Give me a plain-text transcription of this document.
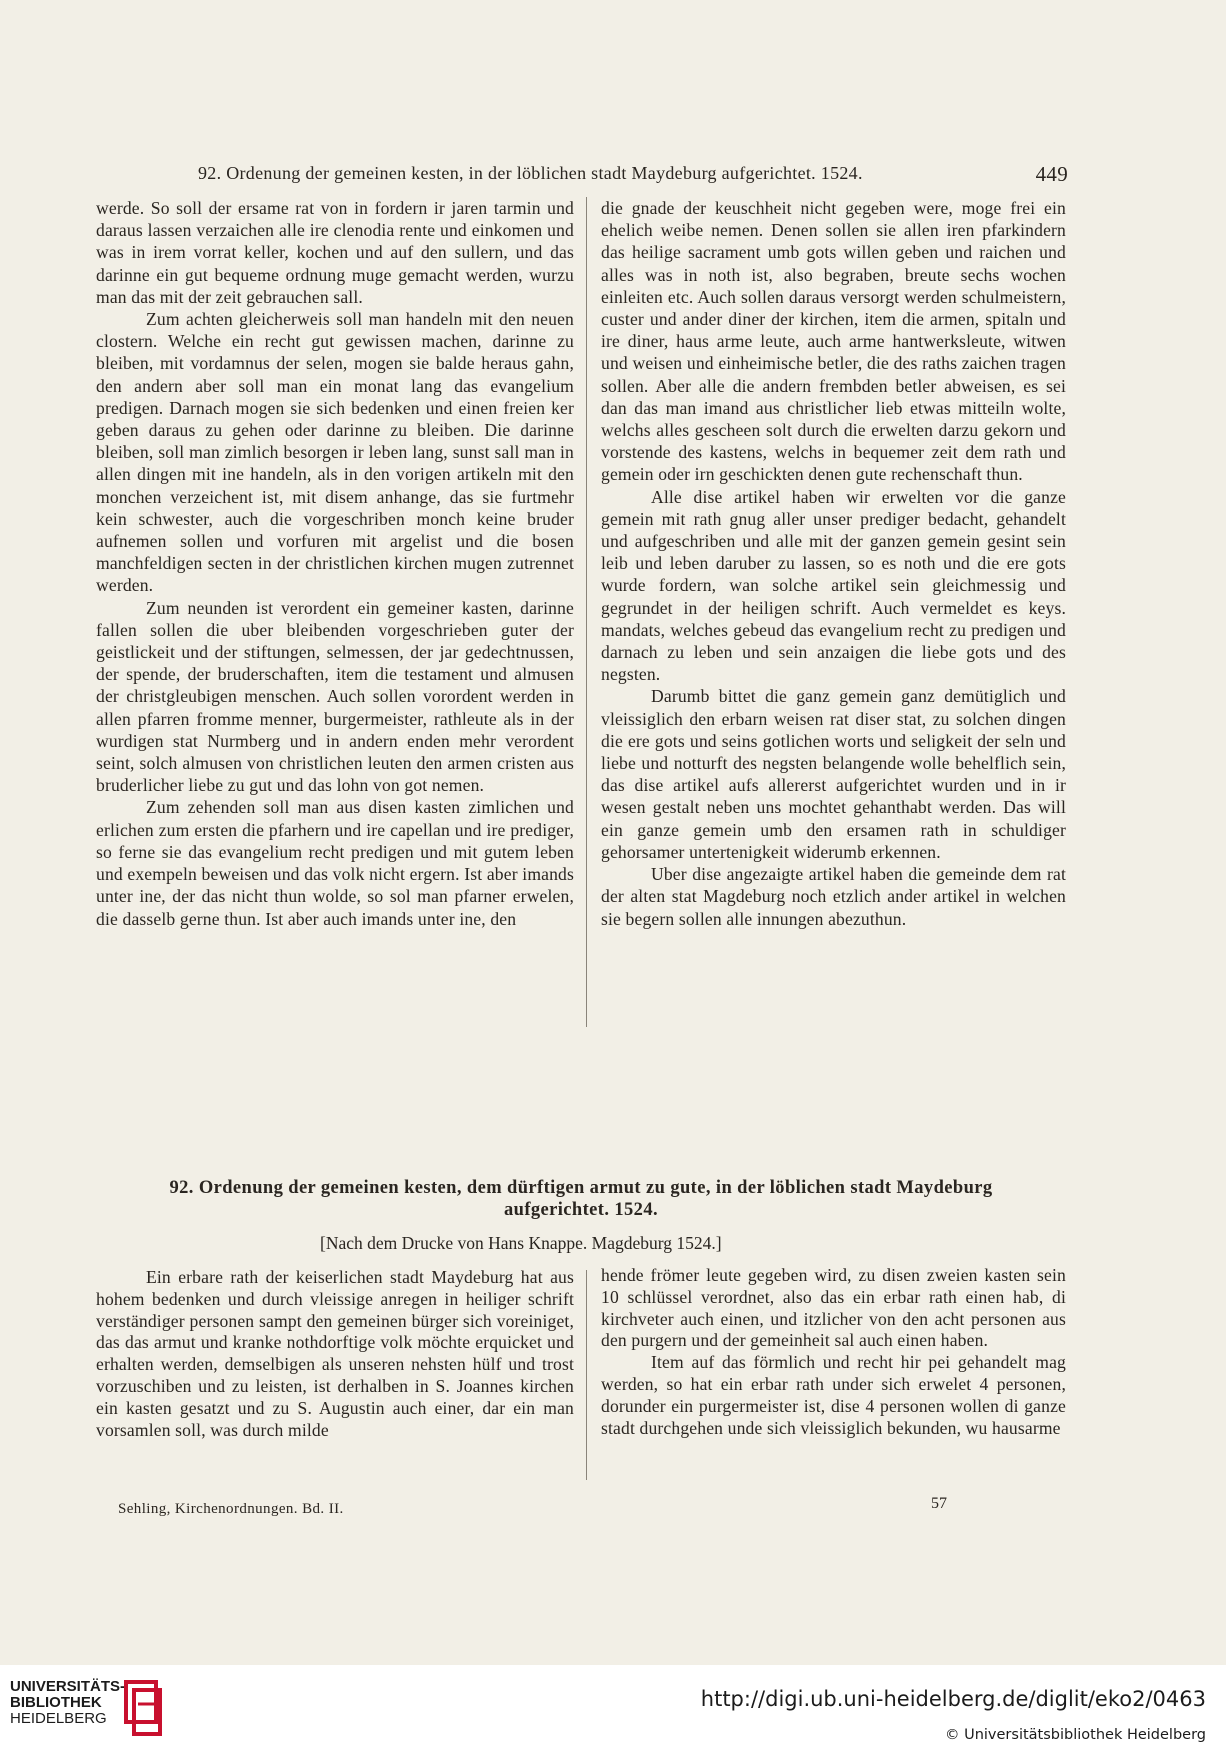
92. Ordenung der gemeinen kesten, in der löblichen stadt Maydeburg aufgerichtet. 1524.	449

werde. So soll der ersame rat von in fordern ir jaren tarmin und daraus lassen verzaichen alle ire clenodia rente und einkomen und was in irem vorrat keller, kochen und auf den sullern, und das darinne ein gut bequeme ordnung muge gemacht werden, wurzu man das mit der zeit gebrauchen sall.

Zum achten gleicherweis soll man handeln mit den neuen clostern. Welche ein recht gut gewissen machen, darinne zu bleiben, mit vordamnus der selen, mogen sie balde heraus gahn, den andern aber soll man ein monat lang das evangelium predigen. Darnach mogen sie sich bedenken und einen freien ker geben daraus zu gehen oder darinne zu bleiben. Die darinne bleiben, soll man zimlich besorgen ir leben lang, sunst sall man in allen dingen mit ine handeln, als in den vorigen artikeln mit den monchen verzeichent ist, mit disem anhange, das sie furtmehr kein schwester, auch die vorgeschriben monch keine bruder aufnemen sollen und vorfuren mit argelist und die bosen manchfeldigen secten in der christlichen kirchen mugen zutrennet werden.

Zum neunden ist verordent ein gemeiner kasten, darinne fallen sollen die uber bleibenden vorgeschrieben guter der geistlickeit und der stiftungen, selmessen, der jar gedechtnussen, der spende, der bruderschaften, item die testament und almusen der christgleubigen menschen. Auch sollen vorordent werden in allen pfarren fromme menner, burgermeister, rathleute als in der wurdigen stat Nurmberg und in andern enden mehr verordent seint, solch almusen von christlichen leuten den armen cristen aus bruderlicher liebe zu gut und das lohn von got nemen.

Zum zehenden soll man aus disen kasten zimlichen und erlichen zum ersten die pfarhern und ire capellan und ire prediger, so ferne sie das evangelium recht predigen und mit gutem leben und exempeln beweisen und das volk nicht ergern. Ist aber imands unter ine, der das nicht thun wolde, so sol man pfarner erwelen, die dasselb gerne thun. Ist aber auch imands unter ine, den

die gnade der keuschheit nicht gegeben were, moge frei ein ehelich weibe nemen. Denen sollen sie allen iren pfarkindern das heilige sacrament umb gots willen geben und raichen und alles was in noth ist, also begraben, breute sechs wochen einleiten etc. Auch sollen daraus versorgt werden schulmeistern, custer und ander diner der kirchen, item die armen, spitaln und ire diner, haus arme leute, auch arme hantwerksleute, witwen und weisen und einheimische betler, die des raths zaichen tragen sollen. Aber alle die andern frembden betler abweisen, es sei dan das man imand aus christlicher lieb etwas mitteiln wolte, welchs alles gescheen solt durch die erwelten darzu gekorn und vorstende des kastens, welchs in bequemer zeit dem rath und gemein oder irn geschickten denen gute rechenschaft thun.

Alle dise artikel haben wir erwelten vor die ganze gemein mit rath gnug aller unser prediger bedacht, gehandelt und aufgeschriben und alle mit der ganzen gemein gesint sein leib und leben daruber zu lassen, so es noth und die ere gots wurde fordern, wan solche artikel sein gleichmessig und gegrundet in der heiligen schrift. Auch vermeldet es keys. mandats, welches gebeud das evangelium recht zu predigen und darnach zu leben und sein anzaigen die liebe gots und des negsten.

Darumb bittet die ganz gemein ganz demütiglich und vleissiglich den erbarn weisen rat diser stat, zu solchen dingen die ere gots und seins gotlichen worts und seligkeit der seln und liebe und notturft des negsten belangende wolle behelflich sein, das dise artikel aufs allererst aufgerichtet wurden und in ir wesen gestalt neben uns mochtet gehanthabt werden. Das will ein ganze gemein umb den ersamen rath in schuldiger gehorsamer untertenigkeit widerumb erkennen.

Uber dise angezaigte artikel haben die gemeinde dem rat der alten stat Magdeburg noch etzlich ander artikel in welchen sie begern sollen alle innungen abezuthun.

92. Ordenung der gemeinen kesten, dem dürftigen armut zu gute, in der löblichen stadt Maydeburg
aufgerichtet. 1524.
[Nach dem Drucke von Hans Knappe. Magdeburg 1524.]

Ein erbare rath der keiserlichen stadt Maydeburg hat aus hohem bedenken und durch vleissige anregen in heiliger schrift verständiger personen sampt den gemeinen bürger sich voreiniget, das das armut und kranke nothdorftige volk möchte erquicket und erhalten werden, demselbigen als unseren nehsten hülf und trost vorzuschiben und zu leisten, ist derhalben in S. Joannes kirchen ein kasten gesatzt und zu S. Augustin auch einer, dar ein man vorsamlen soll, was durch milde

hende frömer leute gegeben wird, zu disen zweien kasten sein 10 schlüssel verordnet, also das ein erbar rath einen hab, di kirchveter auch einen, und itzlicher von den acht personen aus den purgern und der gemeinheit sal auch einen haben.

Item auf das förmlich und recht hir pei gehandelt mag werden, so hat ein erbar rath under sich erwelet 4 personen, dorunder ein purgermeister ist, dise 4 personen wollen di ganze stadt durchgehen unde sich vleissiglich bekunden, wu hausarme

Sehling, Kirchenordnungen. Bd. II.	57
UNIVERSITÄTS-
BIBLIOTHEK
HEIDELBERG
http://digi.ub.uni-heidelberg.de/diglit/eko2/0463
© Universitätsbibliothek Heidelberg
